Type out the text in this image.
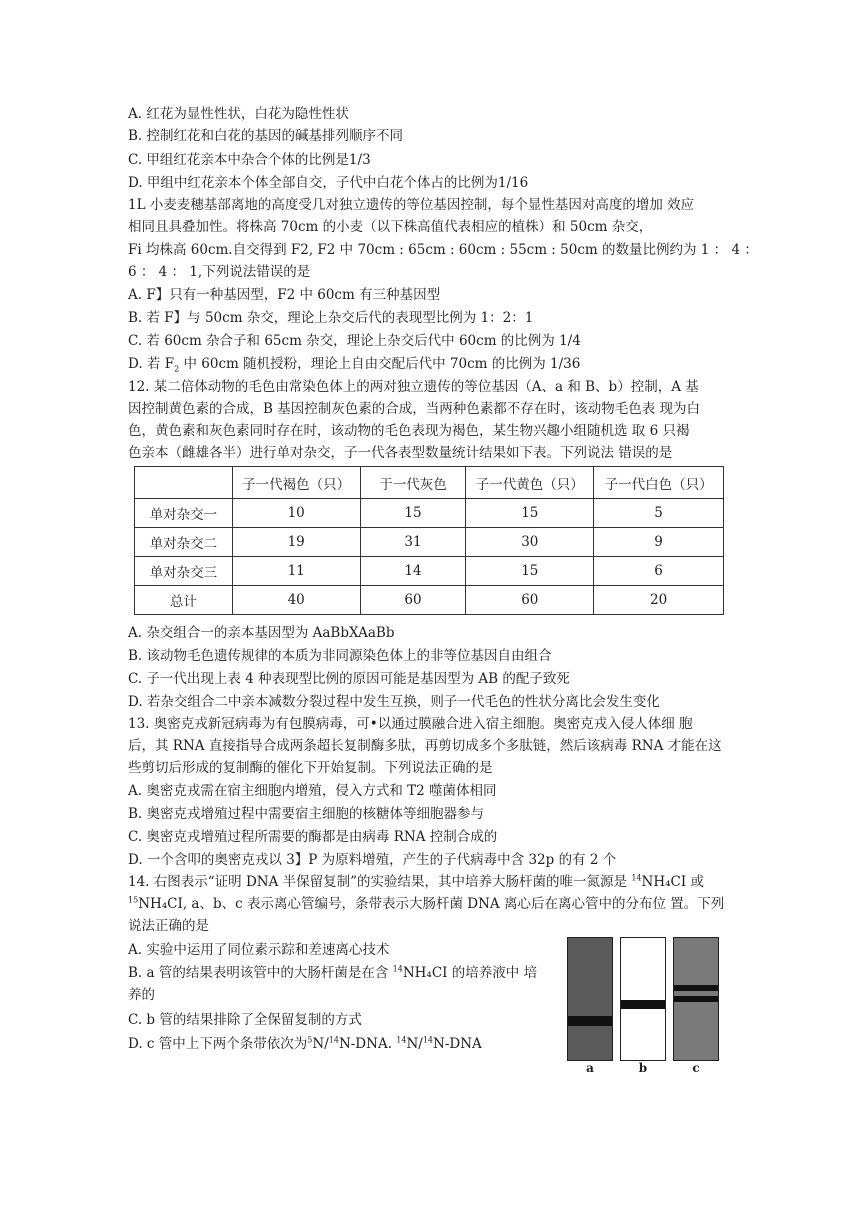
A. 红花为显性性状，白花为隐性性状
B. 控制红花和白花的基因的碱基排列顺序不同
C. 甲组红花亲本中杂合个体的比例是1/3
D. 甲组中红花亲本个体全部自交，子代中白花个体占的比例为1/16
1L 小麦麦穗基部离地的高度受几对独立遗传的等位基因控制，每个显性基因对高度的增加 效应
相同且具叠加性。将株高 70cm 的小麦（以下株高值代表相应的植株）和 50cm 杂交，
Fi 均株高 60cm.自交得到 F2, F2 中 70cm : 65cm : 60cm : 55cm : 50cm 的数量比例约为 1 ： 4 ：
6 ： 4 ： 1,下列说法错误的是
A. F】只有一种基因型，F2 中 60cm 有三种基因型
B. 若 F】与 50cm 杂交，理论上杂交后代的表现型比例为 1：2：1
C. 若 60cm 杂合子和 65cm 杂交，理论上杂交后代中 60cm 的比例为 1/4
D. 若 $F_2$ 中 60cm 随机授粉，理论上自由交配后代中 70cm 的比例为 1/36
12. 某二倍体动物的毛色由常染色体上的两对独立遗传的等位基因（A、a 和 B、b）控制，A 基
因控制黄色素的合成，B 基因控制灰色素的合成，当两种色素都不存在时，该动物毛色表 现为白
色，黄色素和灰色素同时存在时，该动物的毛色表现为褐色，某生物兴趣小组随机选 取 6 只褐
色亲本（雌雄各半）进行单对杂交，子一代各表型数量统计结果如下表。下列说法 错误的是
	子一代褐色（只）	于一代灰色	子一代黄色（只）	子一代白色（只）
单对杂交一	10	15	15	5
单对杂交二	19	31	30	9
单对杂交三	11	14	15	6
总计	40	60	60	20
A. 杂交组合一的亲本基因型为 AaBbXAaBb
B. 该动物毛色遗传规律的本质为非同源染色体上的非等位基因自由组合
C. 子一代出现上表 4 种表现型比例的原因可能是基因型为 AB 的配子致死
D. 若杂交组合二中亲本减数分裂过程中发生互换，则子一代毛色的性状分离比会发生变化
13. 奥密克戎新冠病毒为有包膜病毒，可•以通过膜融合进入宿主细胞。奥密克戎入侵人体细 胞
后，其 RNA 直接指导合成两条超长复制酶多肽，再剪切成多个多肽链，然后该病毒 RNA 才能在这
些剪切后形成的复制酶的催化下开始复制。下列说法正确的是
A. 奥密克戎需在宿主细胞内增殖，侵入方式和 T2 噬菌体相同
B. 奥密克戎增殖过程中需要宿主细胞的核糖体等细胞器参与
C. 奥密克戎增殖过程所需要的酶都是由病毒 RNA 控制合成的
D. 一个含叩的奥密克戎以 3】P 为原料增殖，产生的子代病毒中含 32p 的有 2 个
14. 右图表示“证明 DNA 半保留复制”的实验结果，其中培养大肠杆菌的唯一氮源是 $^{14}$NH₄CI 或
$^{15}$NH₄CI, a、b、c 表示离心管编号，条带表示大肠杆菌 DNA 离心后在离心管中的分布位 置。下列
说法正确的是
A. 实验中运用了同位素示踪和差速离心技术
B. a 管的结果表明该管中的大肠杆菌是在含 $^{14}$NH₄CI 的培养液中 培
养的
C. b 管的结果排除了全保留复制的方式
D. c 管中上下两个条带依次为$^5$N/$^{14}$N-DNA. $^{14}$N/$^{14}$N-DNA
a	b	c
